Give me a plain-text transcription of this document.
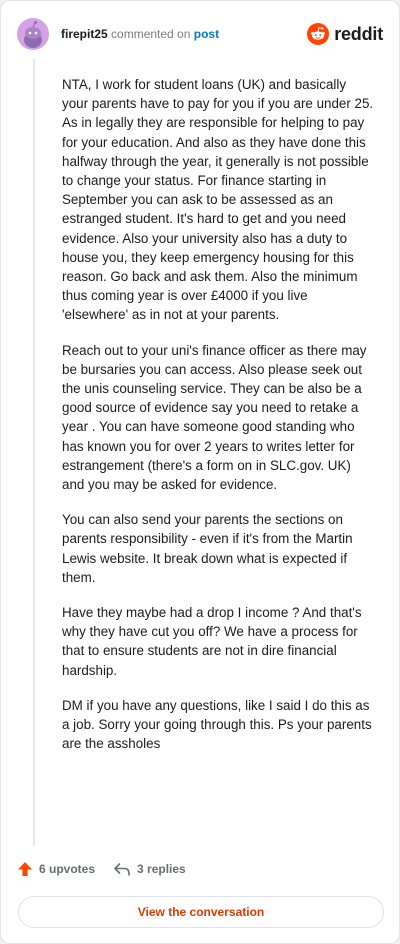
firepit25 commented on post	reddit

NTA, I work for student loans (UK) and basically your parents have to pay for you if you are under 25. As in legally they are responsible for helping to pay for your education. And also as they have done this halfway through the year, it generally is not possible to change your status. For finance starting in September you can ask to be assessed as an estranged student. It's hard to get and you need evidence. Also your university also has a duty to house you, they keep emergency housing for this reason. Go back and ask them. Also the minimum thus coming year is over £4000 if you live 'elsewhere' as in not at your parents.

Reach out to your uni's finance officer as there may be bursaries you can access. Also please seek out the unis counseling service. They can be also be a good source of evidence say you need to retake a year . You can have someone good standing who has known you for over 2 years to writes letter for estrangement (there's a form on in SLC.gov. UK) and you may be asked for evidence.

You can also send your parents the sections on parents responsibility - even if it's from the Martin Lewis website. It break down what is expected if them.

Have they maybe had a drop I income ? And that's why they have cut you off? We have a process for that to ensure students are not in dire financial hardship.

DM if you have any questions, like I said I do this as a job. Sorry your going through this. Ps your parents are the assholes

6 upvotes	3 replies
View the conversation
